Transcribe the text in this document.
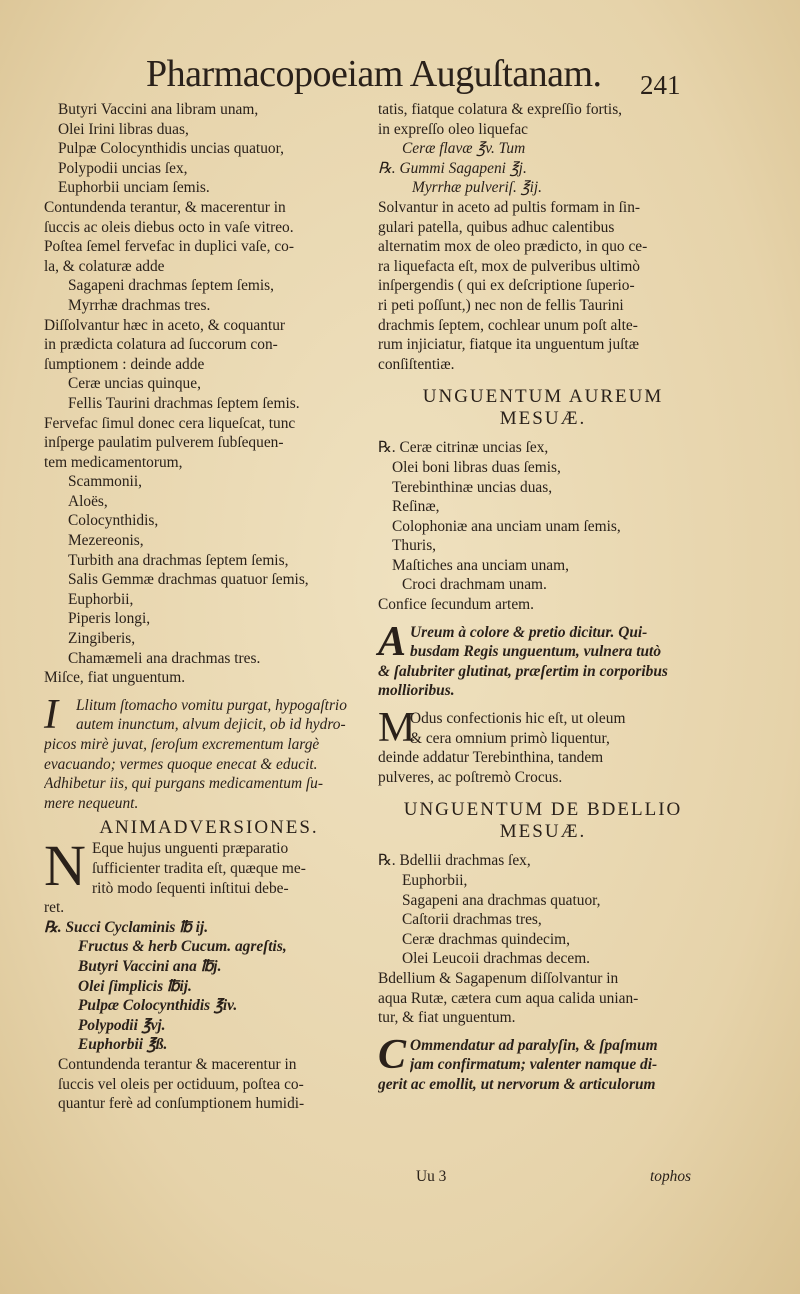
Pharmacopoeiam Auguſtanam. 241
Butyri Vaccini ana libram unam,
Olei Irini libras duas,
Pulpæ Colocynthidis uncias quatuor,
Polypodii uncias ſex,
Euphorbii unciam ſemis.
Contundenda terantur, & macerentur in
ſuccis ac oleis diebus octo in vaſe vitreo.
Poſtea ſemel fervefac in duplici vaſe, co-
la, & colaturæ adde
Sagapeni drachmas ſeptem ſemis,
Myrrhæ drachmas tres.
Diſſolvantur hæc in aceto, & coquantur
in prædicta colatura ad ſuccorum con-
ſumptionem : deinde adde
Ceræ uncias quinque,
Fellis Taurini drachmas ſeptem ſemis.
Fervefac ſimul donec cera liqueſcat, tunc
inſperge paulatim pulverem ſubſequen-
tem medicamentorum,
Scammonii,
Aloës,
Colocynthidis,
Mezereonis,
Turbith ana drachmas ſeptem ſemis,
Salis Gemmæ drachmas quatuor ſemis,
Euphorbii,
Piperis longi,
Zingiberis,
Chamæmeli ana drachmas tres.
Miſce, fiat unguentum.
I	Llitum ſtomacho vomitu purgat, hypogaſtrio
autem inunctum, alvum dejicit, ob id hydro-
picos mirè juvat, ſeroſum excrementum largè
evacuando; vermes quoque enecat & educit.
Adhibetur iis, qui purgans medicamentum ſu-
mere nequeunt.
ANIMADVERSIONES.
N Eque hujus unguenti præparatio
ſufficienter tradita eſt, quæque me-
ritò modo ſequenti inſtitui debe-
ret.
℞. Succi Cyclaminis ℔ ij.
Fructus & herb Cucum. agreſtis,
Butyri Vaccini ana ℔j.
Olei ſimplicis ℔ij.
Pulpæ Colocynthidis ℥iv.
Polypodii ℥vj.
Euphorbii ℥ß.
Contundenda terantur & macerentur in
ſuccis vel oleis per octiduum, poſtea co-
quantur ferè ad conſumptionem humidi-
tatis, fiatque colatura & expreſſio fortis,
in expreſſo oleo liquefac
Ceræ flavæ ℥v. Tum
℞. Gummi Sagapeni ℥j.
Myrrhæ pulveriſ. ℥ij.
Solvantur in aceto ad pultis formam in ſin-
gulari patella, quibus adhuc calentibus
alternatim mox de oleo prædicto, in quo ce-
ra liquefacta eſt, mox de pulveribus ultimò
inſpergendis ( qui ex deſcriptione ſuperio-
ri peti poſſunt,) nec non de fellis Taurini
drachmis ſeptem, cochlear unum poſt alte-
rum injiciatur, fiatque ita unguentum juſtæ
conſiſtentiæ.
UNGUENTUM AUREUM
MESUÆ.
℞. Ceræ citrinæ uncias ſex,
Olei boni libras duas ſemis,
Terebinthinæ uncias duas,
Reſinæ,
Colophoniæ ana unciam unam ſemis,
Thuris,
Maſtiches ana unciam unam,
Croci drachmam unam.
Confice ſecundum artem.
A Ureum à colore & pretio dicitur. Qui-
busdam Regis unguentum, vulnera tutò
& ſalubriter glutinat, præſertim in corporibus
mollioribus.
M
Odus confectionis hic eſt, ut oleum
& cera omnium primò liquentur,
deinde addatur Terebinthina, tandem
pulveres, ac poſtremò Crocus.
UNGUENTUM DE BDELLIO
MESUÆ.
℞. Bdellii drachmas ſex,
Euphorbii,
Sagapeni ana drachmas quatuor,
Caſtorii drachmas tres,
Ceræ drachmas quindecim,
Olei Leucoii drachmas decem.
Bdellium & Sagapenum diſſolvantur in
aqua Rutæ, cætera cum aqua calida unian-
tur, & fiat unguentum.
C Ommendatur ad paralyſin, & ſpaſmum
jam confirmatum; valenter namque di-
gerit ac emollit, ut nervorum & articulorum
Uu 3	tophos
